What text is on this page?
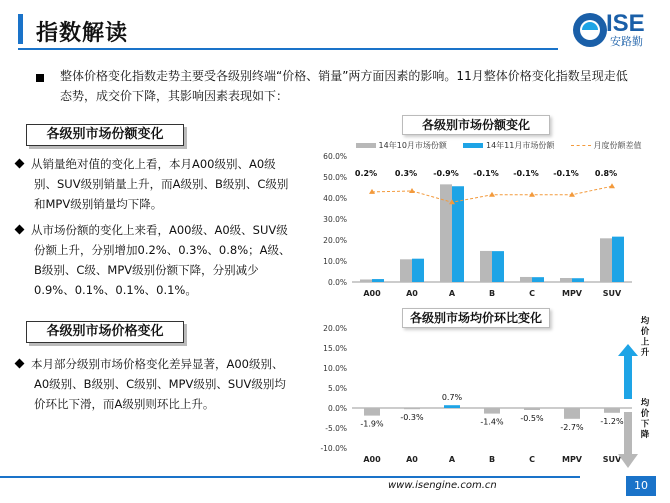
指数解读	ISE
安路勤
整体价格变化指数走势主要受各级别终端“价格、销量”两方面因素的影响。11月整体价格变化指数呈现走低态势，成交价下降，其影响因素表现如下：
各级别市场份额变化
从销量绝对值的变化上看，本月A00级别、A0级别、SUV级别销量上升，而A级别、B级别、C级别和MPV级别销量均下降。
从市场份额的变化上来看，A00级、A0级、SUV级份额上升，分别增加0.2%、0.3%、0.8%；A级、B级别、C级、MPV级别份额下降，分别减少0.9%、0.1%、0.1%、0.1%。
各级别市场价格变化
本月部分级别市场价格变化差异显著，A00级别、A0级别、B级别、C级别、MPV级别、SUV级别均价环比下滑，而A级别则环比上升。
各级别市场份额变化
14年10月市场份额	14年11月市场份额	月度份额差值
0.0%
10.0%
20.0%
30.0%
40.0%
50.0%
60.0%
A00
0.2%
A0
0.3%
A
-0.9%
B
-0.1%
C
-0.1%
MPV
-0.1%
SUV
0.8%
各级别市场均价环比变化
20.0%
15.0%
10.0%
5.0%
0.0%
-5.0%
-10.0%
-1.9%
A00
-0.3%
A0
0.7%
A
-1.4%
B
-0.5%
C
-2.7%
MPV
-1.2%
SUV
均价上升
均价下降
www.isengine.com.cn	10
